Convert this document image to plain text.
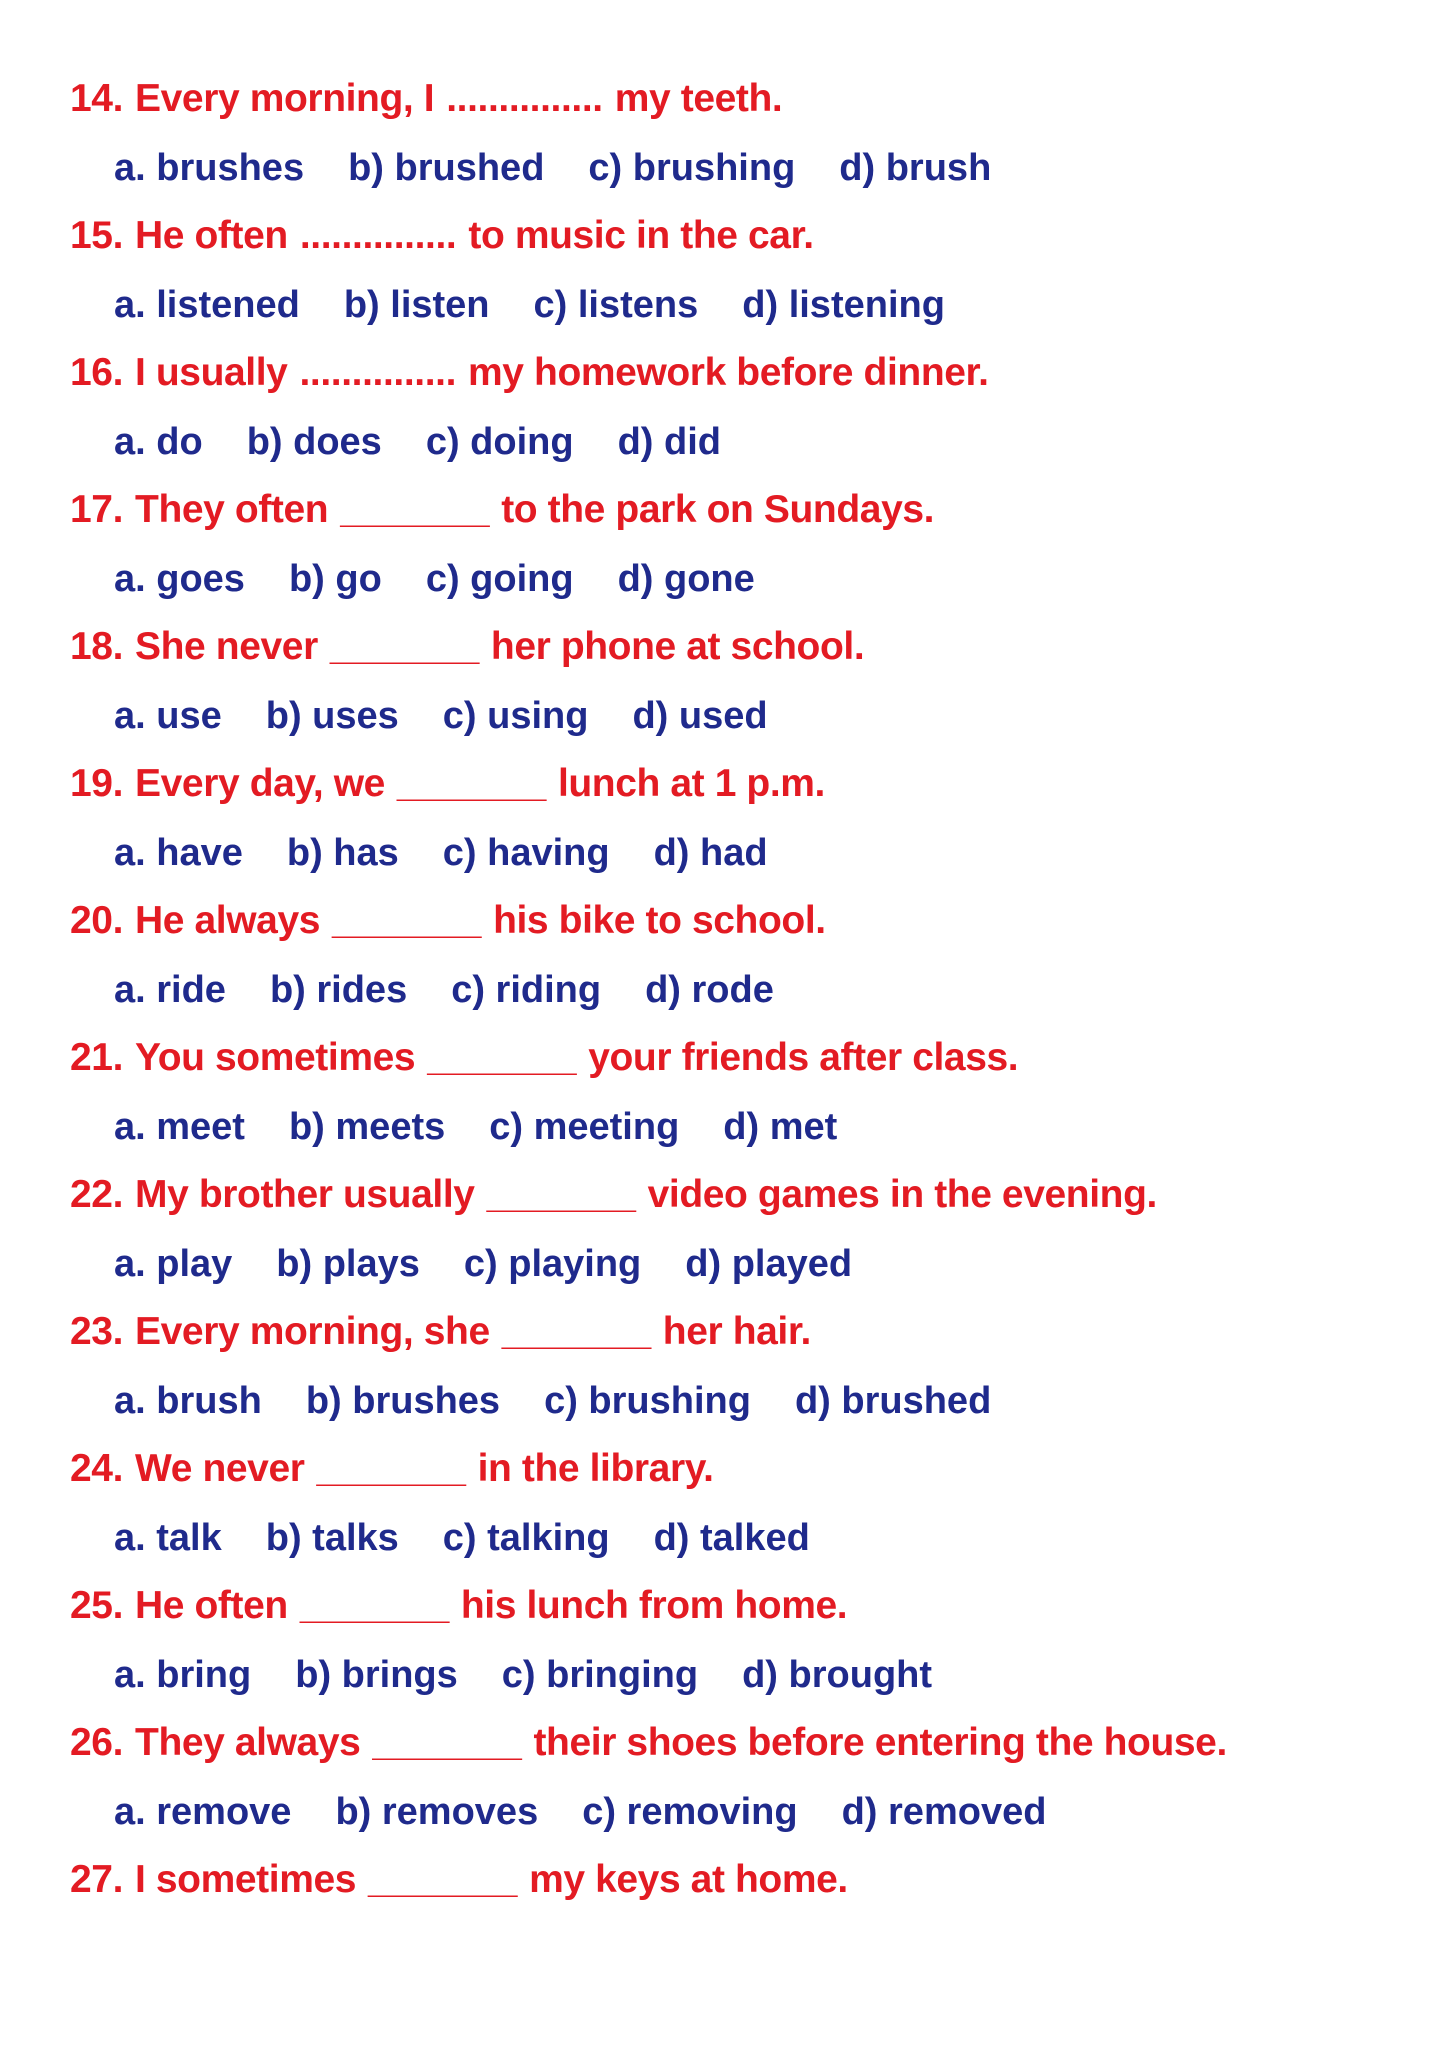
14. Every morning, I ............... my teeth.
a. brushes b) brushed c) brushing d) brush
15. He often ............... to music in the car.
a. listened b) listen c) listens d) listening
16. I usually ............... my homework before dinner.
a. do b) does c) doing d) did
17. They often _______ to the park on Sundays.
a. goes b) go c) going d) gone
18. She never _______ her phone at school.
a. use b) uses c) using d) used
19. Every day, we _______ lunch at 1 p.m.
a. have b) has c) having d) had
20. He always _______ his bike to school.
a. ride b) rides c) riding d) rode
21. You sometimes _______ your friends after class.
a. meet b) meets c) meeting d) met
22. My brother usually _______ video games in the evening.
a. play b) plays c) playing d) played
23. Every morning, she _______ her hair.
a. brush b) brushes c) brushing d) brushed
24. We never _______ in the library.
a. talk b) talks c) talking d) talked
25. He often _______ his lunch from home.
a. bring b) brings c) bringing d) brought
26. They always _______ their shoes before entering the house.
a. remove b) removes c) removing d) removed
27. I sometimes _______ my keys at home.
